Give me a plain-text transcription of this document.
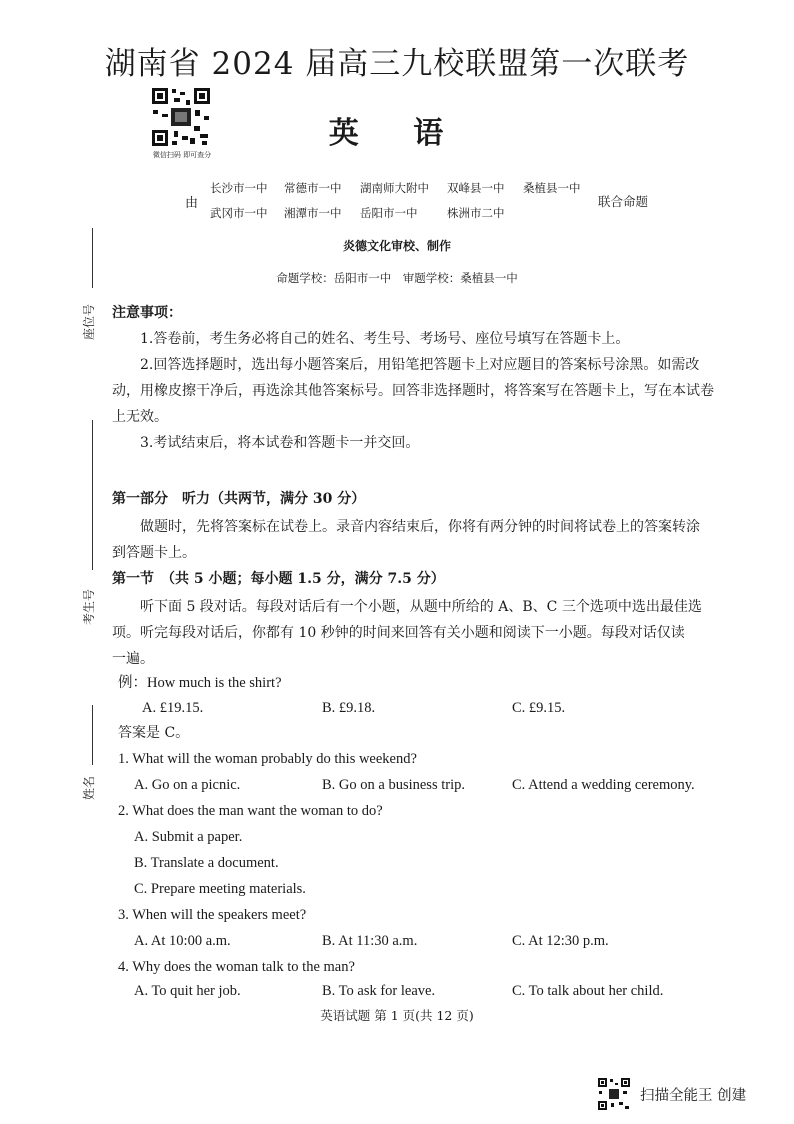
湖南省 2024 届高三九校联盟第一次联考
微信扫码 即可查分
英 语
由
长沙市一中 常德市一中 湖南师大附中 双峰县一中 桑植县一中
武冈市一中 湘潭市一中 岳阳市一中	株洲市二中
联合命题
炎德文化审校、制作
命题学校：岳阳市一中　审题学校：桑植县一中
座位号
考生号
姓名
注意事项：
1.答卷前，考生务必将自己的姓名、考生号、考场号、座位号填写在答题卡上。
2.回答选择题时，选出每小题答案后，用铅笔把答题卡上对应题目的答案标号涂黑。如需改
动，用橡皮擦干净后，再选涂其他答案标号。回答非选择题时，将答案写在答题卡上，写在本试卷
上无效。
3.考试结束后，将本试卷和答题卡一并交回。
第一部分　听力（共两节，满分 30 分）
做题时，先将答案标在试卷上。录音内容结束后，你将有两分钟的时间将试卷上的答案转涂
到答题卡上。
第一节　（共 5 小题；每小题 1.5 分，满分 7.5 分）
听下面 5 段对话。每段对话后有一个小题，从题中所给的 A、B、C 三个选项中选出最佳选
项。听完每段对话后，你都有 10 秒钟的时间来回答有关小题和阅读下一小题。每段对话仅读
一遍。
例：How much is the shirt?
A. £19.15.	B. £9.18.	C. £9.15.
答案是 C。
1. What will the woman probably do this weekend?
A. Go on a picnic.	B. Go on a business trip.	C. Attend a wedding ceremony.
2. What does the man want the woman to do?
A. Submit a paper.
B. Translate a document.
C. Prepare meeting materials.
3. When will the speakers meet?
A. At 10:00 a.m.	B. At 11:30 a.m.	C. At 12:30 p.m.
4. Why does the woman talk to the man?
A. To quit her job.	B. To ask for leave.	C. To talk about her child.
英语试题 第 1 页(共 12 页)
扫描全能王 创建
